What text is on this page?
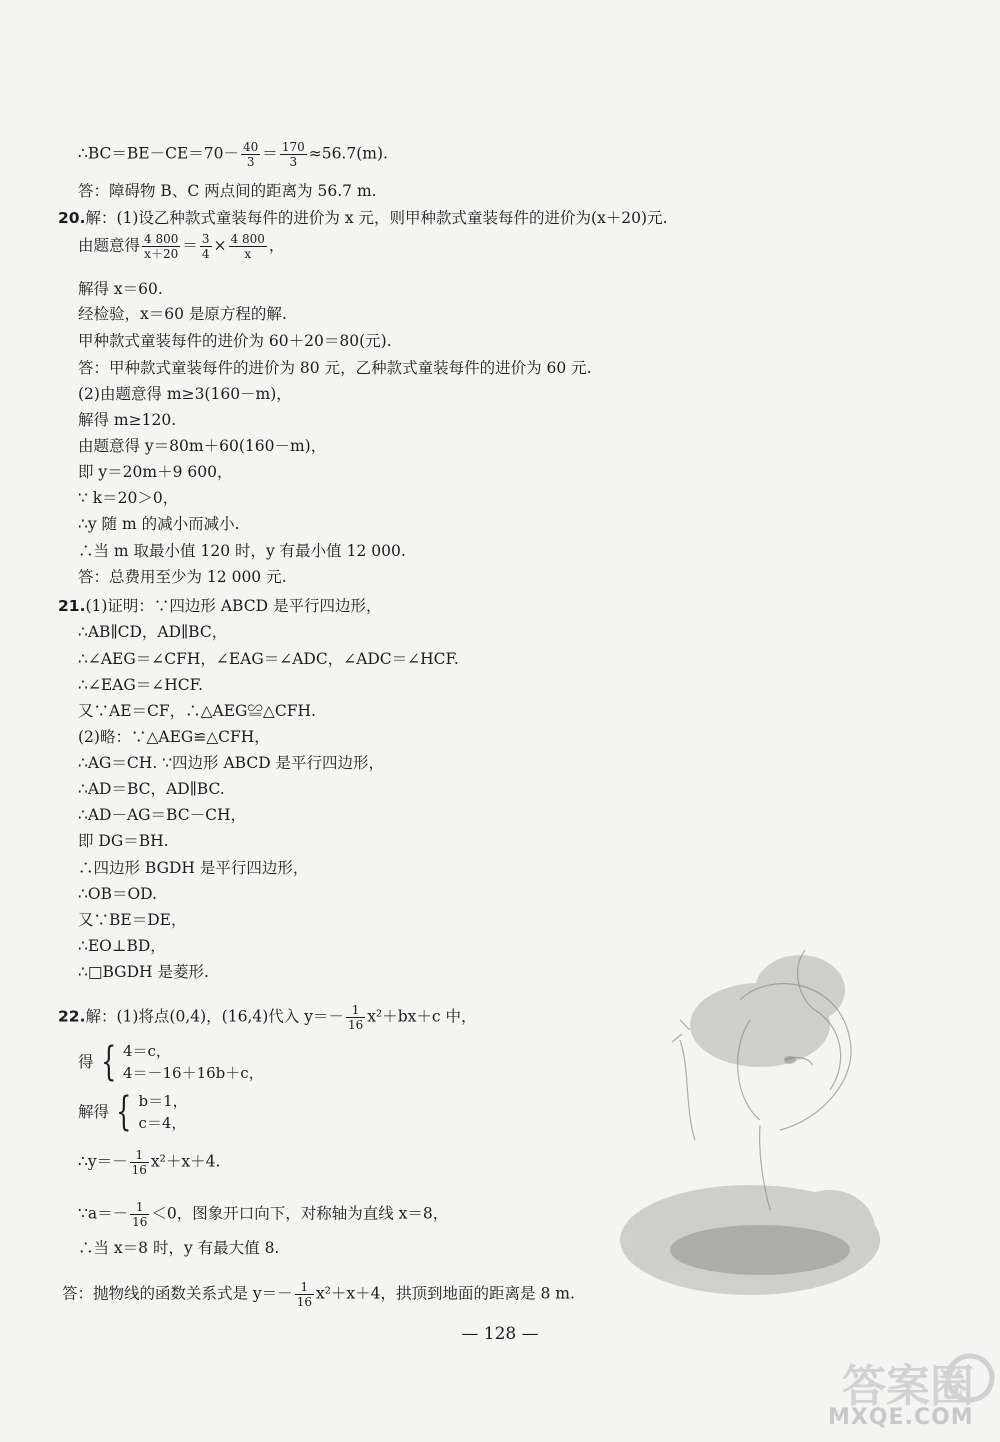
∴BC＝BE－CE＝70－ $\frac{40}{3} = \frac{170}{3} \approx 56.7(m)$.
答：障碍物 B、C 两点间的距离为 56.7 m.
20.解：(1)设乙种款式童装每件的进价为 x 元，则甲种款式童装每件的进价为(x＋20)元.
由题意得 $\frac{4 800}{x+20} = \frac{3}{4} \times \frac{4 800}{x}$ ，
解得 x＝60.
经检验，x＝60 是原方程的解.
甲种款式童装每件的进价为 60＋20＝80(元).
答：甲种款式童装每件的进价为 80 元，乙种款式童装每件的进价为 60 元.
(2)由题意得 m≥3(160－m)，
解得 m≥120.
由题意得 y＝80m＋60(160－m)，
即 y＝20m＋9 600，
∵ k＝20＞0，
∴y 随 m 的减小而减小.
∴当 m 取最小值 120 时，y 有最小值 12 000.
答：总费用至少为 12 000 元.
21.(1)证明：∵四边形 ABCD 是平行四边形，
∴AB∥CD，AD∥BC，
∴∠AEG＝∠CFH，∠EAG＝∠ADC，∠ADC＝∠HCF.
∴∠EAG＝∠HCF.
又∵AE＝CF，∴△AEG≌△CFH.
(2)略：∵△AEG≌△CFH，
∴AG＝CH. ∵四边形 ABCD 是平行四边形，
∴AD＝BC，AD∥BC.
∴AD－AG＝BC－CH，
即 DG＝BH.
∴四边形 BGDH 是平行四边形，
∴OB＝OD.
又∵BE＝DE，
∴EO⊥BD，
∴□BGDH 是菱形.
22.解：(1)将点(0,4)，(16,4)代入 $y=- \frac{1}{16} x^2+bx+c$ 中，
得 { 4＝c，
4＝－16＋16b＋c，
解得 { b＝1，
c＝4，
∴y＝－ $\frac{1}{16} x^2+x+4$.
∵a＝－ $\frac{1}{16} <0$，图象开口向下，对称轴为直线 x＝8，
∴当 x＝8 时，y 有最大值 8.
答：抛物线的函数关系式是 $y=- \frac{1}{16} x^2+x+4$，拱顶到地面的距离是 8 m.
— 128 —
答案圈
MXQE.COM
